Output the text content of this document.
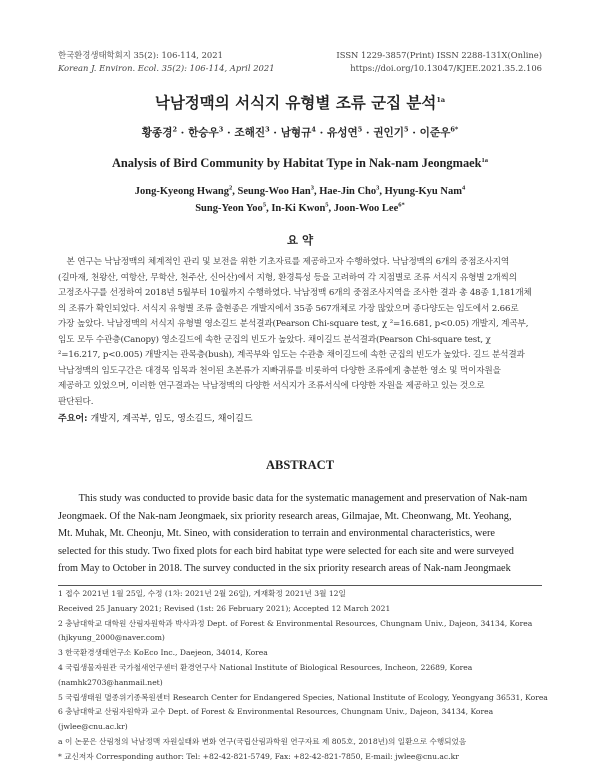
한국환경생태학회지 35(2): 106-114, 2021
Korean J. Environ. Ecol. 35(2): 106-114, April 2021
ISSN 1229-3857(Print) ISSN 2288-131X(Online)
https://doi.org/10.13047/KJEE.2021.35.2.106
낙남정맥의 서식지 유형별 조류 군집 분석$^{1a}$
황종경$^2$ · 한승우$^3$ · 조해진$^3$ · 남형규$^4$ · 유성연$^5$ · 권인기$^5$ · 이준우$^{6*}$
Analysis of Bird Community by Habitat Type in Nak-nam Jeongmaek$^{1a}$
Jong-Kyeong Hwang$^2$, Seung-Woo Han$^3$, Hae-Jin Cho$^3$, Hyung-Kyu Nam$^4$
Sung-Yeon Yoo$^5$, In-Ki Kwon$^5$, Joon-Woo Lee$^{6*}$
요 약
　본 연구는 낙남정맥의 체계적인 관리 및 보전을 위한 기초자료를 제공하고자 수행하였다. 낙남정맥의 6개의 중점조사지역
(길마재, 천왕산, 여항산, 무학산, 천주산, 신어산)에서 지형, 환경특성 등을 고려하여 각 지점별로 조류 서식지 유형별 2개씩의
고정조사구를 선정하여 2018년 5월부터 10월까지 수행하였다. 낙남정맥 6개의 중점조사지역을 조사한 결과 총 48종 1,181개체
의 조류가 확인되었다. 서식지 유형별 조류 출현종은 개발지에서 35종 567개체로 가장 많았으며 종다양도는 임도에서 2.66로
가장 높았다. 낙남정맥의 서식지 유형별 영소길드 분석결과(Pearson Chi-square test, χ ²=16.681, p<0.05) 개발지, 계곡부,
임도 모두 수관층(Canopy) 영소길드에 속한 군집의 빈도가 높았다. 채이길드 분석결과(Pearson Chi-square test, χ
²=16.217, p<0.005) 개발지는 관목층(bush), 계곡부와 임도는 수관층 채이길드에 속한 군집의 빈도가 높았다. 길드 분석결과
낙남정맥의 임도구간은 대경목 임목과 천이된 초본류가 지빠귀류를 비롯하여 다양한 조류에게 충분한 영소 및 먹이자원을
제공하고 있었으며, 이러한 연구결과는 낙남정맥의 다양한 서식지가 조류서식에 다양한 자원을 제공하고 있는 것으로
판단된다.
주요어: 개발지, 계곡부, 임도, 영소길드, 채이길드
ABSTRACT
　　This study was conducted to provide basic data for the systematic management and preservation of Nak-nam
Jeongmaek. Of the Nak-nam Jeongmaek, six priority research areas, Gilmajae, Mt. Cheonwang, Mt. Yeohang,
Mt. Muhak, Mt. Cheonju, Mt. Sineo, with consideration to terrain and environmental characteristics, were
selected for this study. Two fixed plots for each bird habitat type were selected for each site and were surveyed
from May to October in 2018. The survey conducted in the six priority research areas of Nak-nam Jeongmaek
1 접수 2021년 1월 25일, 수정 (1차: 2021년 2월 26일), 게재확정 2021년 3월 12일
Received 25 January 2021; Revised (1st: 26 February 2021); Accepted 12 March 2021
2 충남대학교 대학원 산림자원학과 박사과정 Dept. of Forest & Environmental Resources, Chungnam Univ., Dajeon, 34134, Korea
(hjkyung_2000@naver.com)
3 한국환경생태연구소 KoEco Inc., Daejeon, 34014, Korea
4 국립생물자원관 국가철새연구센터 환경연구사 National Institute of Biological Resources, Incheon, 22689, Korea
(namhk2703@hanmail.net)
5 국립생태원 멸종위기종복원센터 Research Center for Endangered Species, National Institute of Ecology, Yeongyang 36531, Korea
6 충남대학교 산림자원학과 교수 Dept. of Forest & Environmental Resources, Chungnam Univ., Dajeon, 34134, Korea
(jwlee@cnu.ac.kr)
a 이 논문은 산림청의 낙남정맥 자원실태와 변화 연구(국립산림과학원 연구자료 제 805호, 2018년)의 일환으로 수행되었음
* 교신저자 Corresponding author: Tel: +82-42-821-5749, Fax: +82-42-821-7850, E-mail: jwlee@cnu.ac.kr
